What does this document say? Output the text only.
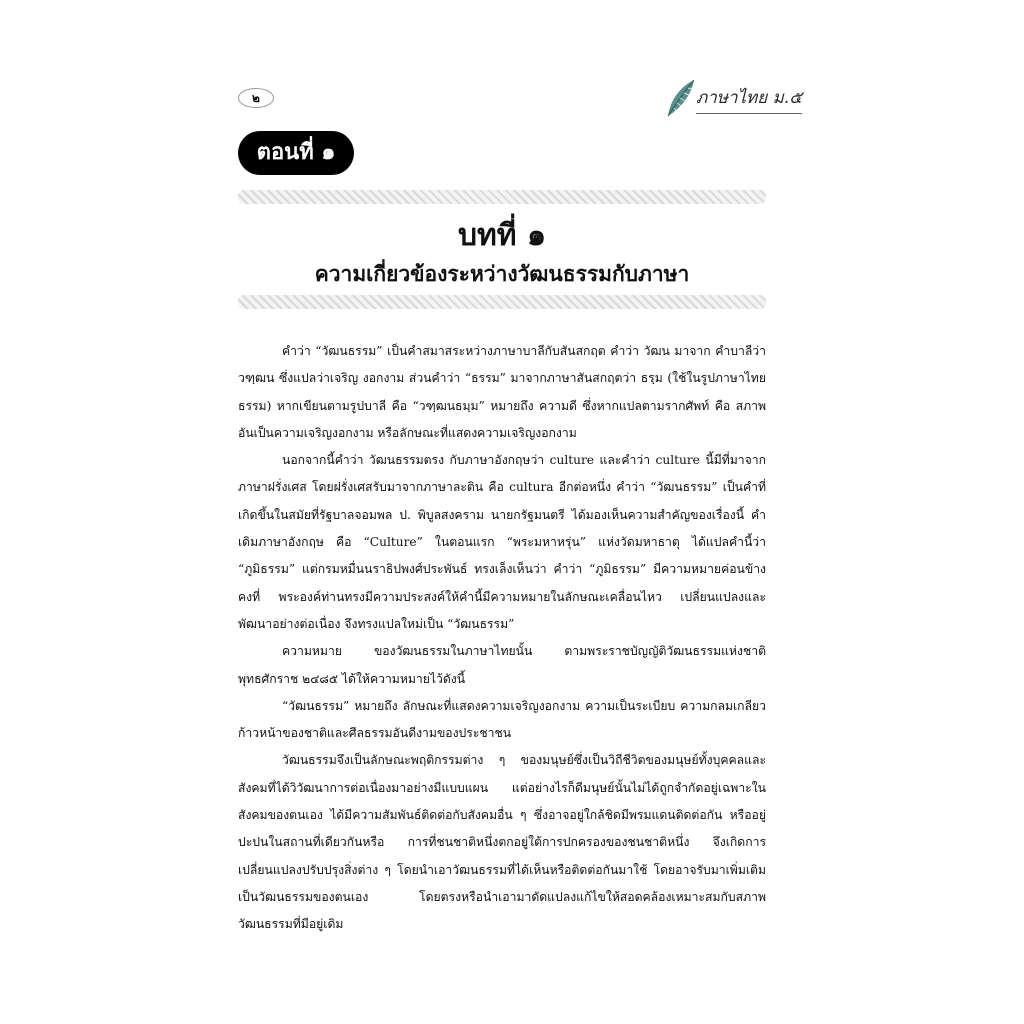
๒	ภาษาไทย ม.๕
ตอนที่ ๑
บทที่ ๑
ความเกี่ยวข้องระหว่างวัฒนธรรมกับภาษา

คำว่า “วัฒนธรรม” เป็นคำสมาสระหว่างภาษาบาลีกับสันสกฤต คำว่า วัฒน มาจาก คำบาลีว่า วฑฺฒน ซึ่งแปลว่าเจริญ งอกงาม ส่วนคำว่า “ธรรม” มาจากภาษาสันสกฤตว่า ธรฺม (ใช้ในรูปภาษาไทย ธรรม) หากเขียนตามรูปบาลี คือ “วฑฺฒนธมฺม” หมายถึง ความดี ซึ่งหากแปลตามรากศัพท์ คือ สภาพอันเป็นความเจริญงอกงาม หรือลักษณะที่แสดงความเจริญงอกงาม

นอกจากนี้คำว่า วัฒนธรรมตรง กับภาษาอังกฤษว่า culture และคำว่า culture นี้มีที่มาจากภาษาฝรั่งเศส โดยฝรั่งเศสรับมาจากภาษาละติน คือ cultura อีกต่อหนึ่ง คำว่า “วัฒนธรรม” เป็นคำที่เกิดขึ้นในสมัยที่รัฐบาลจอมพล ป. พิบูลสงคราม นายกรัฐมนตรี ได้มองเห็นความสำคัญของเรื่องนี้ คำเดิมภาษาอังกฤษ คือ “Culture” ในตอนแรก “พระมหาหรุ่น” แห่งวัดมหาธาตุ ได้แปลคำนี้ว่า “ภูมิธรรม” แต่กรมหมื่นนราธิปพงศ์ประพันธ์ ทรงเล็งเห็นว่า คำว่า “ภูมิธรรม” มีความหมายค่อนข้างคงที่ พระองค์ท่านทรงมีความประสงค์ให้คำนี้มีความหมายในลักษณะเคลื่อนไหว เปลี่ยนแปลงและพัฒนาอย่างต่อเนื่อง จึงทรงแปลใหม่เป็น “วัฒนธรรม”

ความหมาย ของวัฒนธรรมในภาษาไทยนั้น ตามพระราชบัญญัติวัฒนธรรมแห่งชาติ พุทธศักราช ๒๔๘๕ ได้ให้ความหมายไว้ดังนี้

“วัฒนธรรม” หมายถึง ลักษณะที่แสดงความเจริญงอกงาม ความเป็นระเบียบ ความกลมเกลียวก้าวหน้าของชาติและศีลธรรมอันดีงามของประชาชน

วัฒนธรรมจึงเป็นลักษณะพฤติกรรมต่าง ๆ ของมนุษย์ซึ่งเป็นวิถีชีวิตของมนุษย์ทั้งบุคคลและสังคมที่ได้วิวัฒนาการต่อเนื่องมาอย่างมีแบบแผน แต่อย่างไรก็ดีมนุษย์นั้นไม่ได้ถูกจำกัดอยู่เฉพาะในสังคมของตนเอง ได้มีความสัมพันธ์ติดต่อกับสังคมอื่น ๆ ซึ่งอาจอยู่ใกล้ชิดมีพรมแดนติดต่อกัน หรืออยู่ปะปนในสถานที่เดียวกันหรือ การที่ชนชาติหนึ่งตกอยู่ใต้การปกครองของชนชาติหนึ่ง จึงเกิดการเปลี่ยนแปลงปรับปรุงสิ่งต่าง ๆ โดยนำเอาวัฒนธรรมที่ได้เห็นหรือติดต่อกันมาใช้ โดยอาจรับมาเพิ่มเติมเป็นวัฒนธรรมของตนเอง โดยตรงหรือนำเอามาดัดแปลงแก้ไขให้สอดคล้องเหมาะสมกับสภาพวัฒนธรรมที่มีอยู่เดิม
